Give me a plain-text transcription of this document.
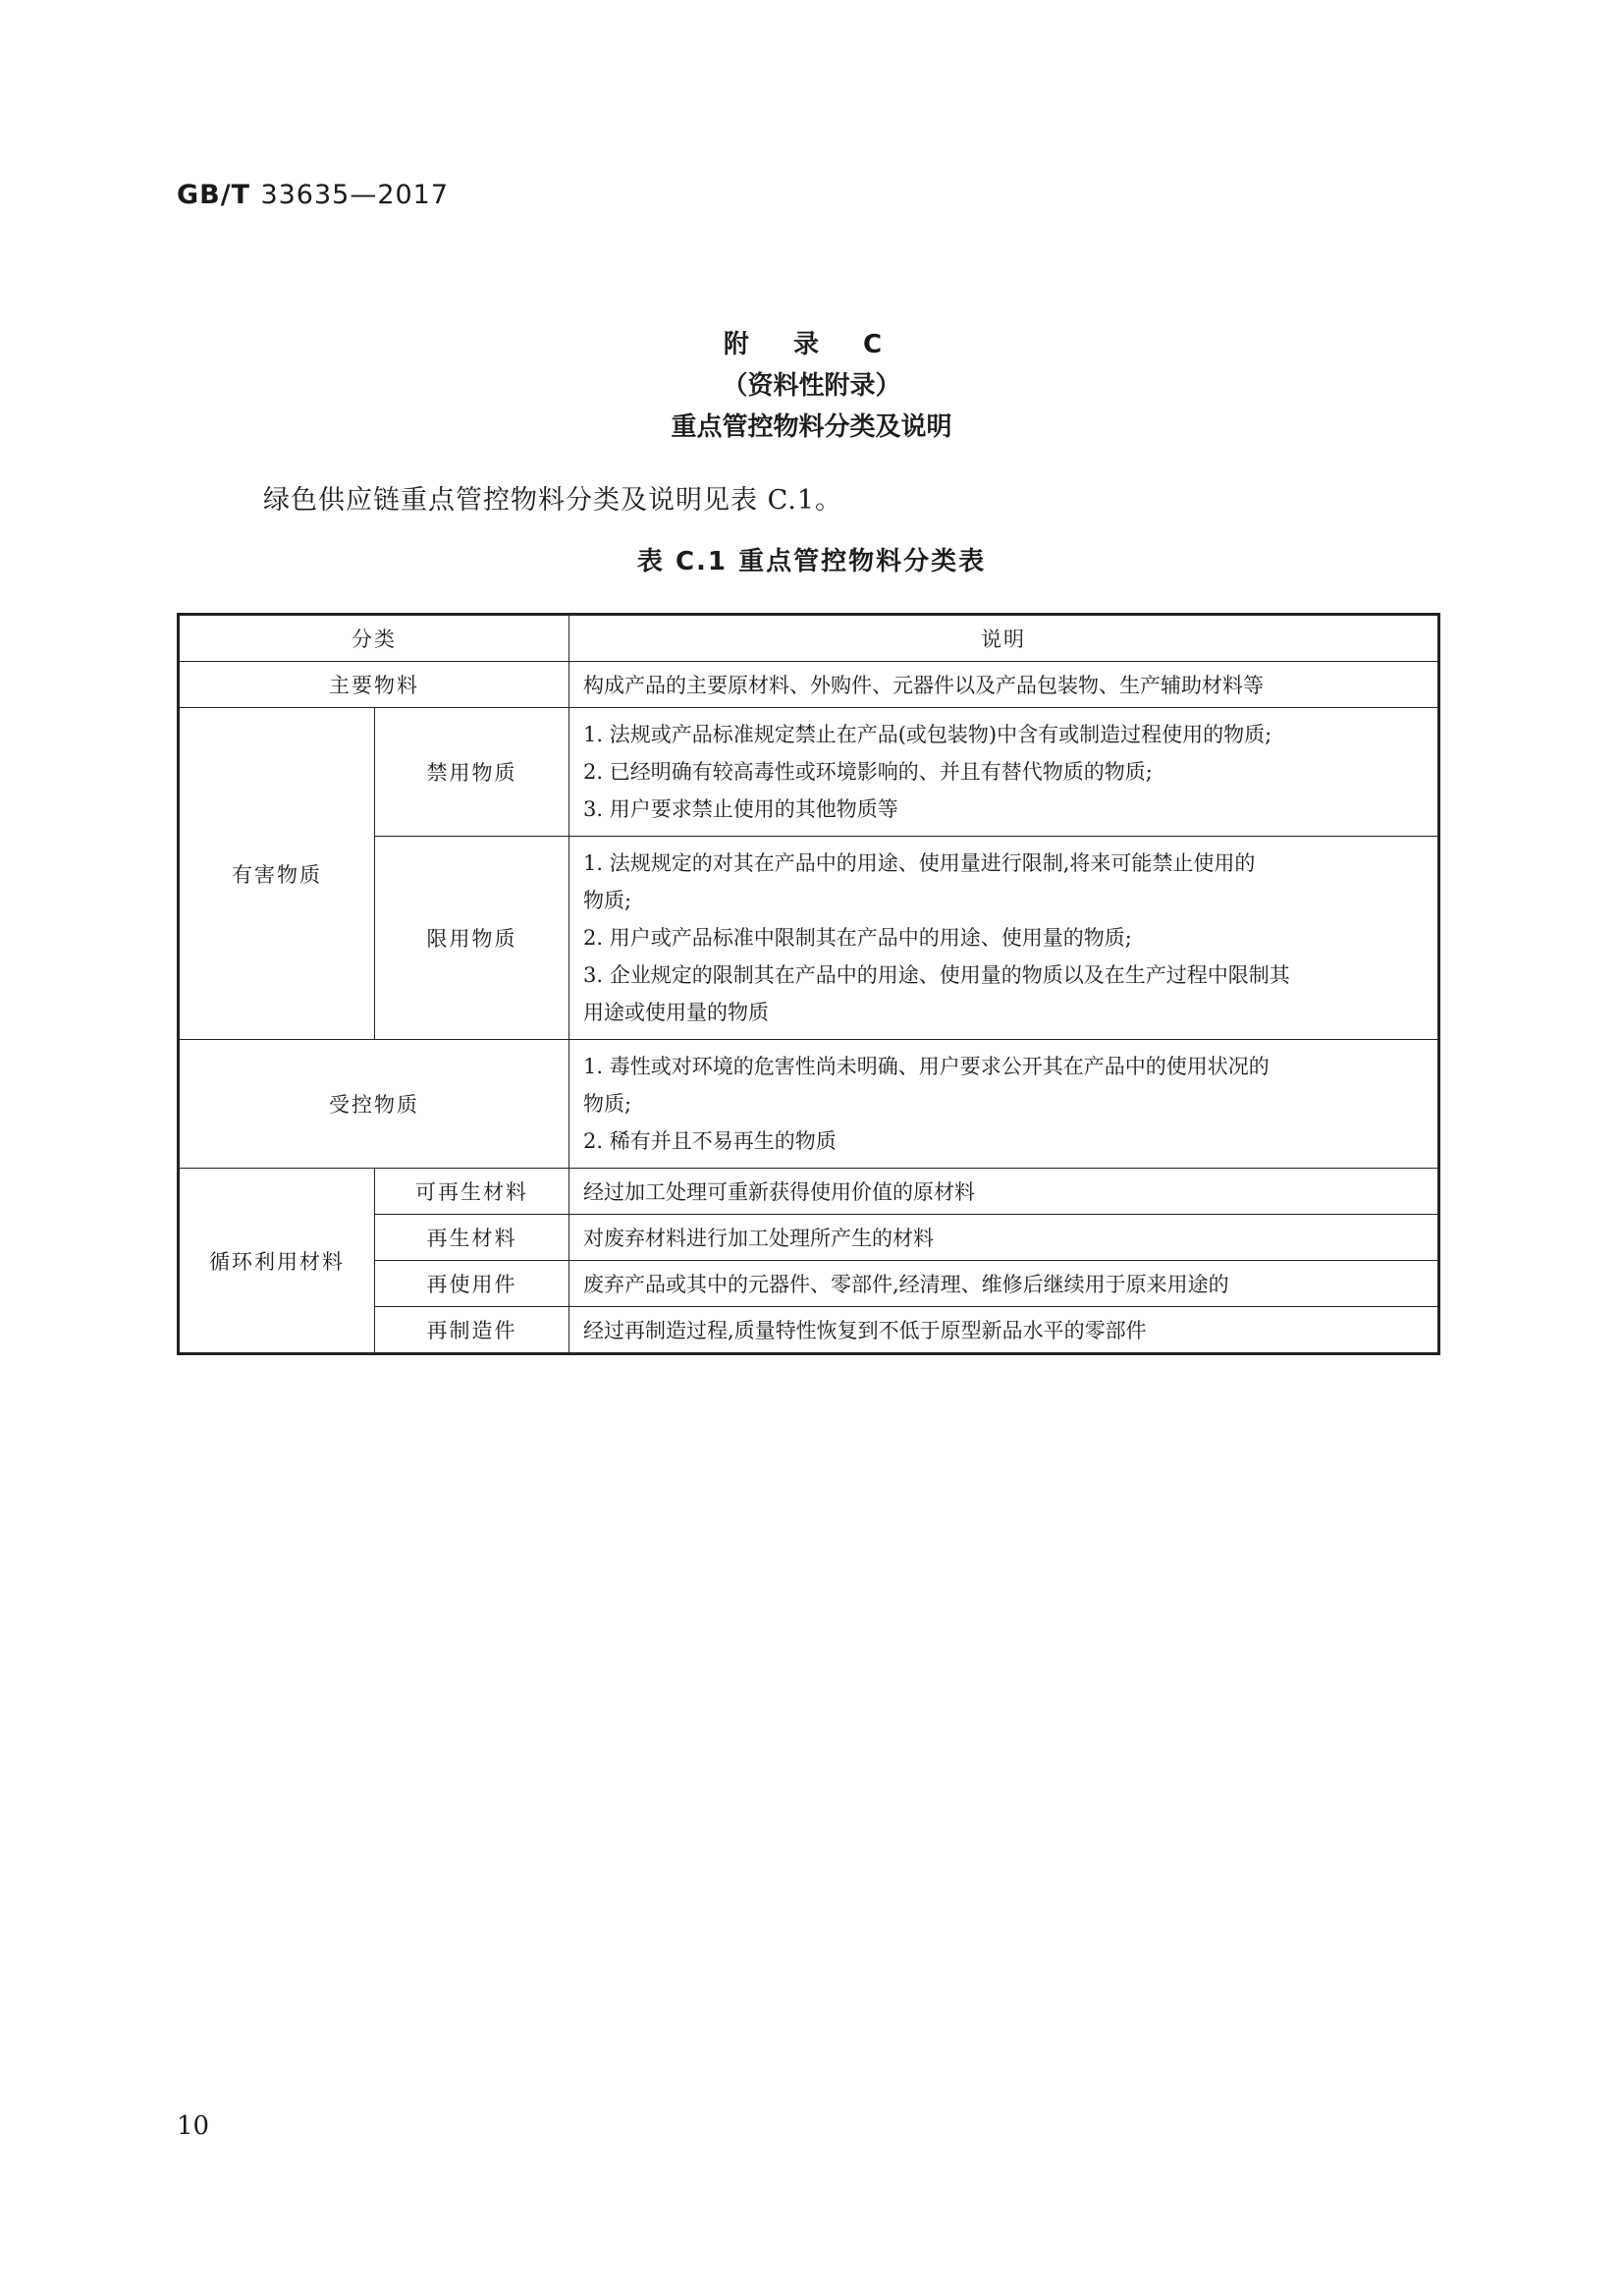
GB/T 33635—2017
附 录 C
（资料性附录）
重点管控物料分类及说明
绿色供应链重点管控物料分类及说明见表 C.1。
表 C.1 重点管控物料分类表
分类		说明
主要物料		构成产品的主要原材料、外购件、元器件以及产品包装物、生产辅助材料等
有害物质	禁用物质	1. 法规或产品标准规定禁止在产品(或包装物)中含有或制造过程使用的物质;
2. 已经明确有较高毒性或环境影响的、并且有替代物质的物质;
3. 用户要求禁止使用的其他物质等

	限用物质	1. 法规规定的对其在产品中的用途、使用量进行限制,将来可能禁止使用的
物质;
2. 用户或产品标准中限制其在产品中的用途、使用量的物质;
3. 企业规定的限制其在产品中的用途、使用量的物质以及在生产过程中限制其
用途或使用量的物质

受控物质		1. 毒性或对环境的危害性尚未明确、用户要求公开其在产品中的使用状况的
物质;
2. 稀有并且不易再生的物质

循环利用材料	可再生材料	经过加工处理可重新获得使用价值的原材料
	再生材料	对废弃材料进行加工处理所产生的材料
	再使用件	废弃产品或其中的元器件、零部件,经清理、维修后继续用于原来用途的
	再制造件	经过再制造过程,质量特性恢复到不低于原型新品水平的零部件
10
